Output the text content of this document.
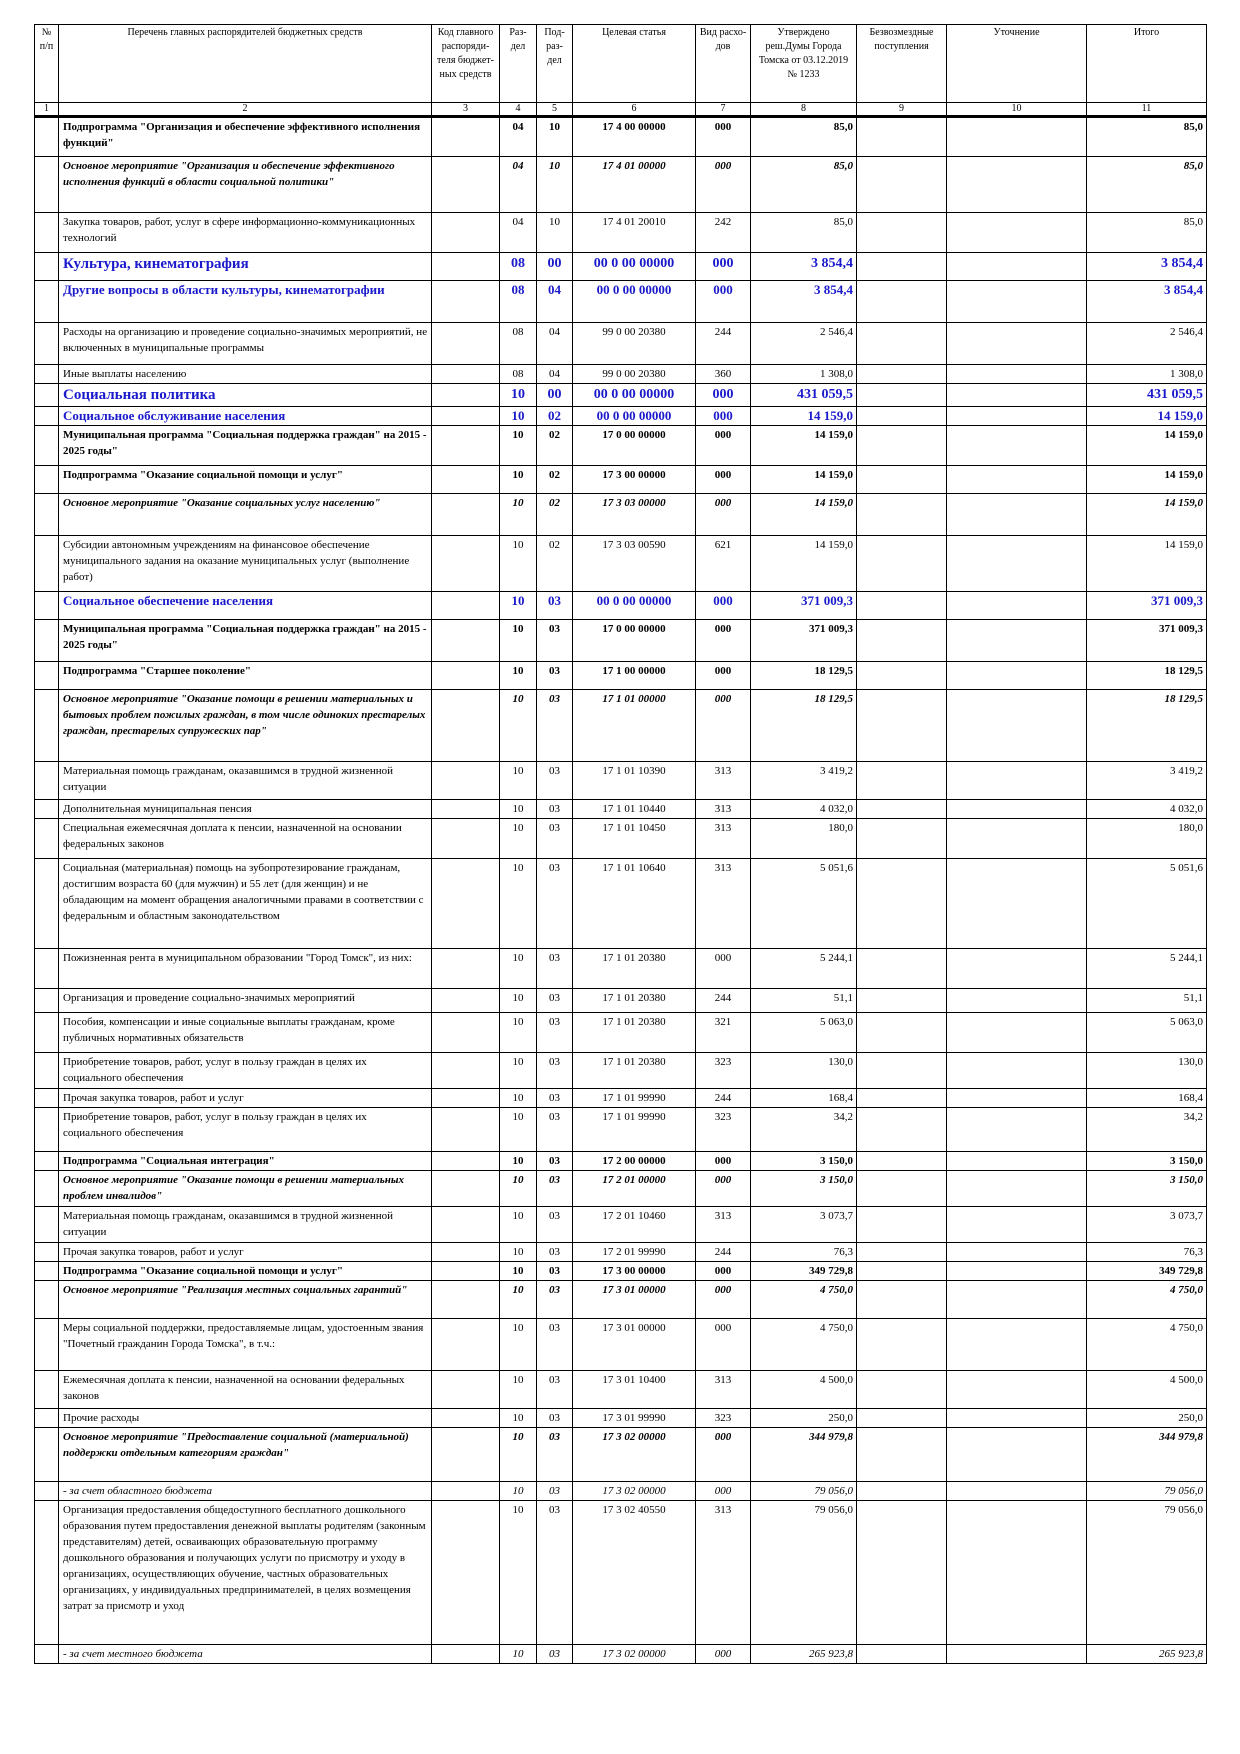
№ п/п	Перечень главных распорядителей бюджетных средств	Код главного распоряди-теля бюджет-ных средств	Раз-дел	Под-раз-дел	Целевая статья	Вид расхо-дов	Утверждено реш.Думы Города Томска от 03.12.2019 № 1233	Безвозмездные поступления	Уточнение	Итого
1	2	3	4	5	6	7	8	9	10	11
	Подпрограмма "Организация и обеспечение эффективного исполнения функций"		04	10	17 4 00 00000	000	85,0			85,0
	Основное мероприятие "Организация и обеспечение эффективного исполнения функций в области социальной политики"		04	10	17 4 01 00000	000	85,0			85,0
	Закупка товаров, работ, услуг в сфере информационно-коммуникационных технологий		04	10	17 4 01 20010	242	85,0			85,0
	Культура, кинематография		08	00	00 0 00 00000	000	3 854,4			3 854,4
	Другие вопросы в области культуры, кинематографии		08	04	00 0 00 00000	000	3 854,4			3 854,4
	Расходы на организацию и проведение социально-значимых мероприятий, не включенных в муниципальные программы		08	04	99 0 00 20380	244	2 546,4			2 546,4
	Иные выплаты населению		08	04	99 0 00 20380	360	1 308,0			1 308,0
	Социальная политика		10	00	00 0 00 00000	000	431 059,5			431 059,5
	Социальное обслуживание населения		10	02	00 0 00 00000	000	14 159,0			14 159,0
	Муниципальная программа "Социальная поддержка граждан" на 2015 - 2025 годы"		10	02	17 0 00 00000	000	14 159,0			14 159,0
	Подпрограмма "Оказание социальной помощи и услуг"		10	02	17 3 00 00000	000	14 159,0			14 159,0
	Основное мероприятие "Оказание социальных услуг населению"		10	02	17 3 03 00000	000	14 159,0			14 159,0
	Субсидии автономным учреждениям на финансовое обеспечение муниципального задания на оказание муниципальных услуг (выполнение работ)		10	02	17 3 03 00590	621	14 159,0			14 159,0
	Социальное обеспечение населения		10	03	00 0 00 00000	000	371 009,3			371 009,3
	Муниципальная программа "Социальная поддержка граждан" на 2015 - 2025 годы"		10	03	17 0 00 00000	000	371 009,3			371 009,3
	Подпрограмма "Старшее поколение"		10	03	17 1 00 00000	000	18 129,5			18 129,5
	Основное мероприятие "Оказание помощи в решении материальных и бытовых проблем пожилых граждан, в том числе одиноких престарелых граждан, престарелых супружеских пар"		10	03	17 1 01 00000	000	18 129,5			18 129,5
	Материальная помощь гражданам, оказавшимся в трудной жизненной ситуации		10	03	17 1 01 10390	313	3 419,2			3 419,2
	Дополнительная муниципальная пенсия		10	03	17 1 01 10440	313	4 032,0			4 032,0
	Специальная ежемесячная доплата к пенсии, назначенной на основании федеральных законов		10	03	17 1 01 10450	313	180,0			180,0
	Социальная (материальная) помощь на зубопротезирование гражданам, достигшим возраста 60 (для мужчин) и 55 лет (для женщин) и не обладающим на момент обращения аналогичными правами в соответствии с федеральным и областным законодательством		10	03	17 1 01 10640	313	5 051,6			5 051,6
	Пожизненная рента в муниципальном образовании "Город Томск", из них:		10	03	17 1 01 20380	000	5 244,1			5 244,1
	Организация и проведение социально-значимых мероприятий		10	03	17 1 01 20380	244	51,1			51,1
	Пособия, компенсации и иные социальные выплаты гражданам, кроме публичных нормативных обязательств		10	03	17 1 01 20380	321	5 063,0			5 063,0
	Приобретение товаров, работ, услуг в пользу граждан в целях их социального обеспечения		10	03	17 1 01 20380	323	130,0			130,0
	Прочая закупка товаров, работ и услуг		10	03	17 1 01 99990	244	168,4			168,4
	Приобретение товаров, работ, услуг в пользу граждан в целях их социального обеспечения		10	03	17 1 01 99990	323	34,2			34,2
	Подпрограмма "Социальная интеграция"		10	03	17 2 00 00000	000	3 150,0			3 150,0
	Основное мероприятие "Оказание помощи в решении материальных проблем инвалидов"		10	03	17 2 01 00000	000	3 150,0			3 150,0
	Материальная помощь гражданам, оказавшимся в трудной жизненной ситуации		10	03	17 2 01 10460	313	3 073,7			3 073,7
	Прочая закупка товаров, работ и услуг		10	03	17 2 01 99990	244	76,3			76,3
	Подпрограмма "Оказание социальной помощи и услуг"		10	03	17 3 00 00000	000	349 729,8			349 729,8
	Основное мероприятие "Реализация местных социальных гарантий"		10	03	17 3 01 00000	000	4 750,0			4 750,0
	Меры социальной поддержки, предоставляемые лицам, удостоенным звания "Почетный гражданин Города Томска", в т.ч.:		10	03	17 3 01 00000	000	4 750,0			4 750,0
	Ежемесячная доплата к пенсии, назначенной на основании федеральных законов		10	03	17 3 01 10400	313	4 500,0			4 500,0
	Прочие расходы		10	03	17 3 01 99990	323	250,0			250,0
	Основное мероприятие "Предоставление социальной (материальной) поддержки отдельным категориям граждан"		10	03	17 3 02 00000	000	344 979,8			344 979,8
	- за счет областного бюджета		10	03	17 3 02 00000	000	79 056,0			79 056,0
	Организация предоставления общедоступного бесплатного дошкольного образования путем предоставления денежной выплаты родителям (законным представителям) детей, осваивающих образовательную программу дошкольного образования и получающих услуги по присмотру и уходу в организациях, осуществляющих обучение, частных образовательных организациях, у индивидуальных предпринимателей, в целях возмещения затрат за присмотр и уход		10	03	17 3 02 40550	313	79 056,0			79 056,0
	- за счет местного бюджета		10	03	17 3 02 00000	000	265 923,8			265 923,8
